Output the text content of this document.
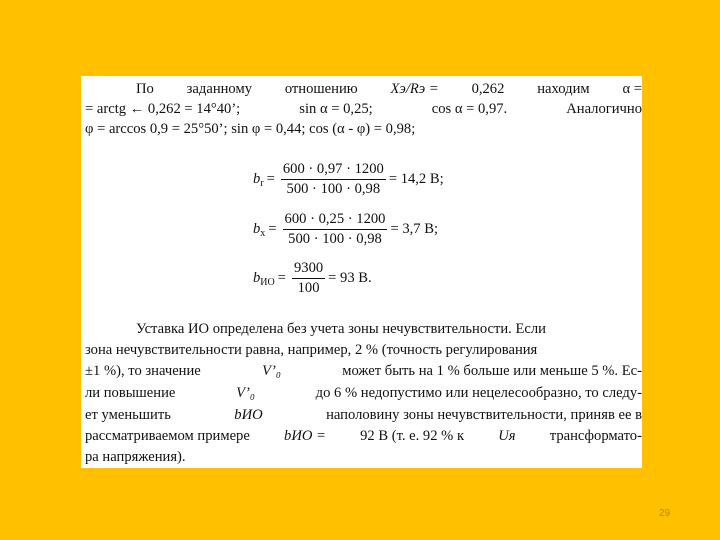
По заданному отношению Xэ/Rэ = 0,262 находим α =
= arctg ← 0,262 = 14°40’;	sin α = 0,25;	cos α = 0,97.	Аналогично
φ = arccos 0,9 = 25°50’; sin φ = 0,44; cos (α - φ) = 0,98;
$b_r = \frac{600 \cdot 0,97 \cdot 1200}{500 \cdot 100 \cdot 0,98} = 14,2$ В;
$b_x = \frac{600 \cdot 0,25 \cdot 1200}{500 \cdot 100 \cdot 0,98} = 3,7$ В;
$b_{ИО} = \frac{9300}{100} = 93$ В.
Уставка ИО определена без учета зоны нечувствительности. Если
зона нечувствительности равна, например, 2 % (точность регулирования
±1 %), то значение	V’₀	может быть на 1 % больше или меньше 5 %. Ес-
ли повышение	V’₀	до 6 % недопустимо или нецелесообразно, то следу-
ет уменьшить	bИО	наполовину зоны нечувствительности, приняв ее в
рассматриваемом примере bИО = 92 В (т. е. 92 % к Uя трансформато-
ра напряжения).
29
